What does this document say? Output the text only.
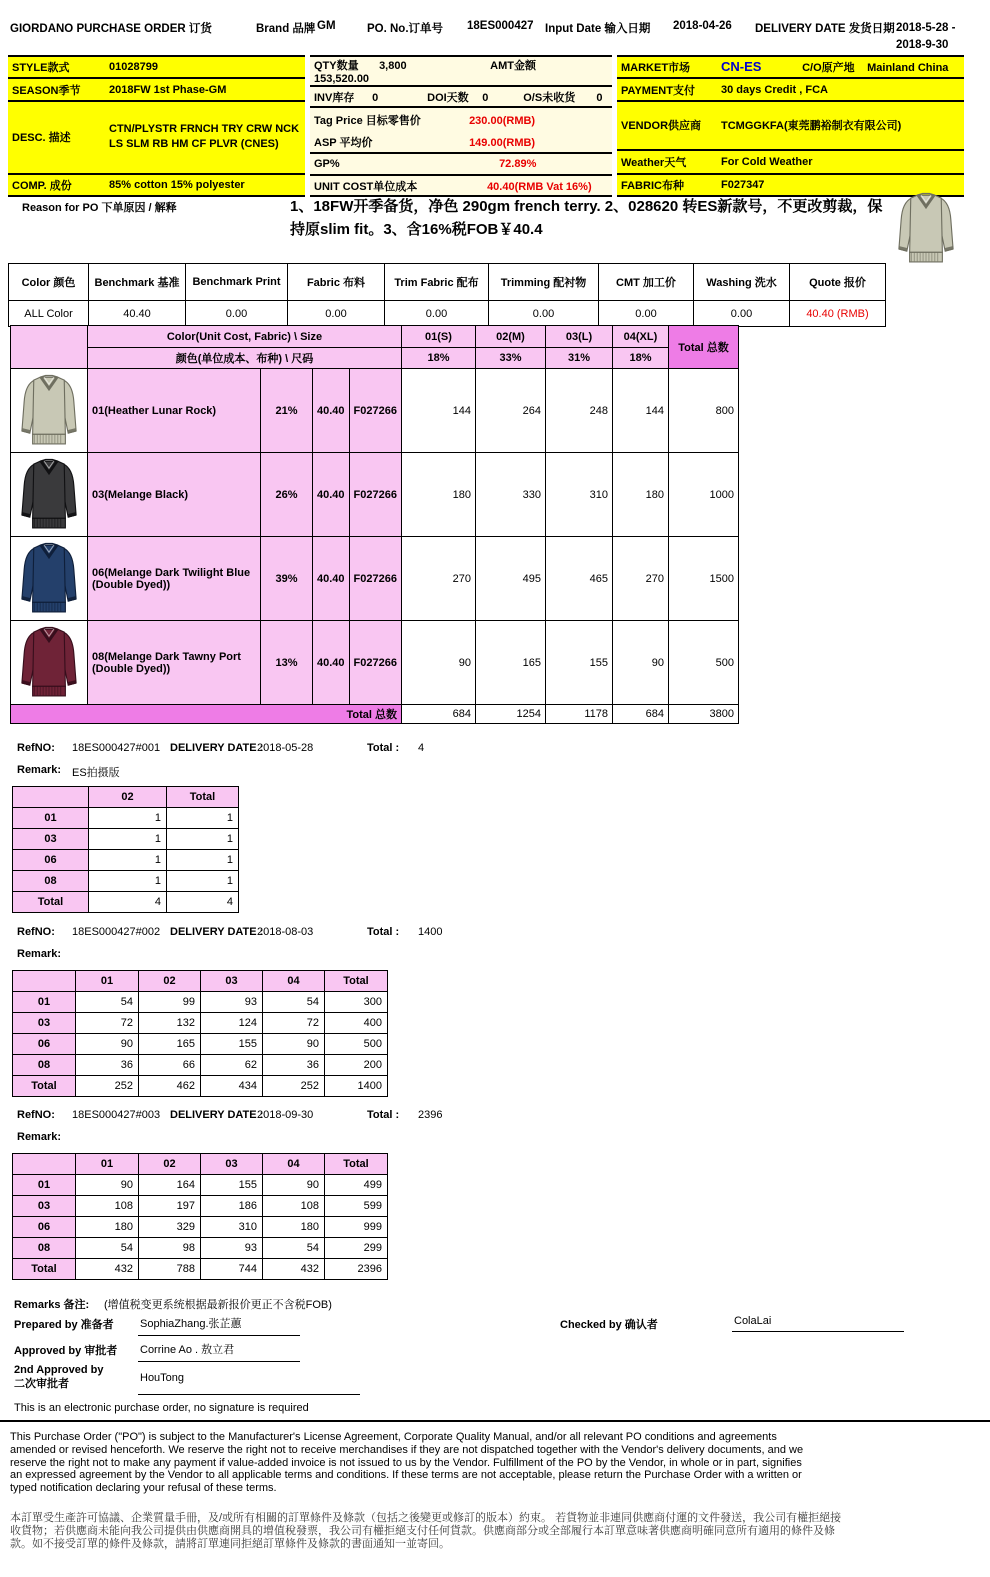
GIORDANO PURCHASE ORDER 订货	Brand 品牌 GM	PO. No.订单号 18ES000427 Input Date 输入日期 2018-04-26 DELIVERY DATE 发货日期 2018-5-28 - 2018-9-30
STYLE款式	01028799
SEASON季节	2018FW 1st Phase-GM
DESC. 描述	CTN/PLYSTR FRNCH TRY CRW NCK LS SLM RB HM CF PLVR (CNES)
COMP. 成份	85% cotton 15% polyester
QTY数量 3,800	AMT金额 153,520.00
INV库存 0	DOI天数 0	O/S未收货 0
Tag Price 目标零售价	230.00(RMB)
ASP 平均价	149.00(RMB)
GP%	72.89%
UNIT COST单位成本	40.40(RMB Vat 16%)
MARKET市场	CN-ES C/O原产地 Mainland China
PAYMENT支付	30 days Credit , FCA
VENDOR供应商	TCMGGKFA(東莞鹏裕制衣有限公司)
Weather天气	For Cold Weather
FABRIC布种	F027347
Reason for PO 下单原因 / 解释	1、18FW开季备货，净色 290gm french terry. 2、028620 转ES新款号，不更改剪裁，保持原slim fit。3、含16%税FOB￥40.4
Color 颜色	Benchmark 基准	Benchmark Print	Fabric 布料	Trim Fabric 配布	Trimming 配衬物	CMT 加工价	Washing 洗水	Quote 报价
ALL Color	40.40	0.00	0.00	0.00	0.00	0.00	0.00	40.40 (RMB)
	Color(Unit Cost, Fabric) \ Size				01(S)	02(M)	03(L)	04(XL)	Total 总数
	颜色(单位成本、布种) \ 尺码				18%	33%	31%	18%	
	01(Heather Lunar Rock)	21%	40.40	F027266	144	264	248	144	800
	03(Melange Black)	26%	40.40	F027266	180	330	310	180	1000
	06(Melange Dark Twilight Blue (Double Dyed))	39%	40.40	F027266	270	495	465	270	1500
	08(Melange Dark Tawny Port (Double Dyed))	13%	40.40	F027266	90	165	155	90	500
Total 总数					684	1254	1178	684	3800
RefNO: 18ES000427#001 DELIVERY DATE :
2018-05-28	Total : 4
Remark: ES拍摄版
	02	Total
01	1	1
03	1	1
06	1	1
08	1	1
Total	4	4
RefNO: 18ES000427#002 DELIVERY DATE :
2018-08-03	Total : 1400
Remark:
	01	02	03	04	Total
01	54	99	93	54	300
03	72	132	124	72	400
06	90	165	155	90	500
08	36	66	62	36	200
Total	252	462	434	252	1400
RefNO: 18ES000427#003 DELIVERY DATE :
2018-09-30	Total : 2396
Remark:
	01	02	03	04	Total
01	90	164	155	90	499
03	108	197	186	108	599
06	180	329	310	180	999
08	54	98	93	54	299
Total	432	788	744	432	2396
Remarks 备注: (增值税变更系统根据最新报价更正不含税FOB)
Prepared by 准备者 SophiaZhang.张芷蕙	Checked by 确认者	ColaLai
Approved by 审批者 Corrine Ao . 敖立君
2nd Approved by
二次审批者	HouTong
This is an electronic purchase order, no signature is required
This Purchase Order ("PO") is subject to the Manufacturer's License Agreement, Corporate Quality Manual, and/or all relevant PO conditions and agreements amended or revised henceforth. We reserve the right not to receive merchandises if they are not dispatched together with the Vendor's delivery documents, and we reserve the right not to make any payment if value-added invoice is not issued to us by the Vendor. Fulfillment of the PO by the Vendor, in whole or in part, signifies an expressed agreement by the Vendor to all applicable terms and conditions. If these terms are not acceptable, please return the Purchase Order with a written or typed notification declaring your refusal of these terms.
本訂單受生產許可協議、企業質量手冊，及/或所有相關的訂單條件及條款（包括之後變更或修訂的版本）約束。 若貨物並非連同供應商付運的文件發送，我公司有權拒絕接收貨物；若供應商未能向我公司提供由供應商開具的增值稅發票，我公司有權拒絕支付任何貨款。供應商部分或全部履行本訂單意味著供應商明確同意所有適用的條件及條款。如不接受訂單的條件及條款，請將訂單連同拒絕訂單條件及條款的書面通知一並寄回。
